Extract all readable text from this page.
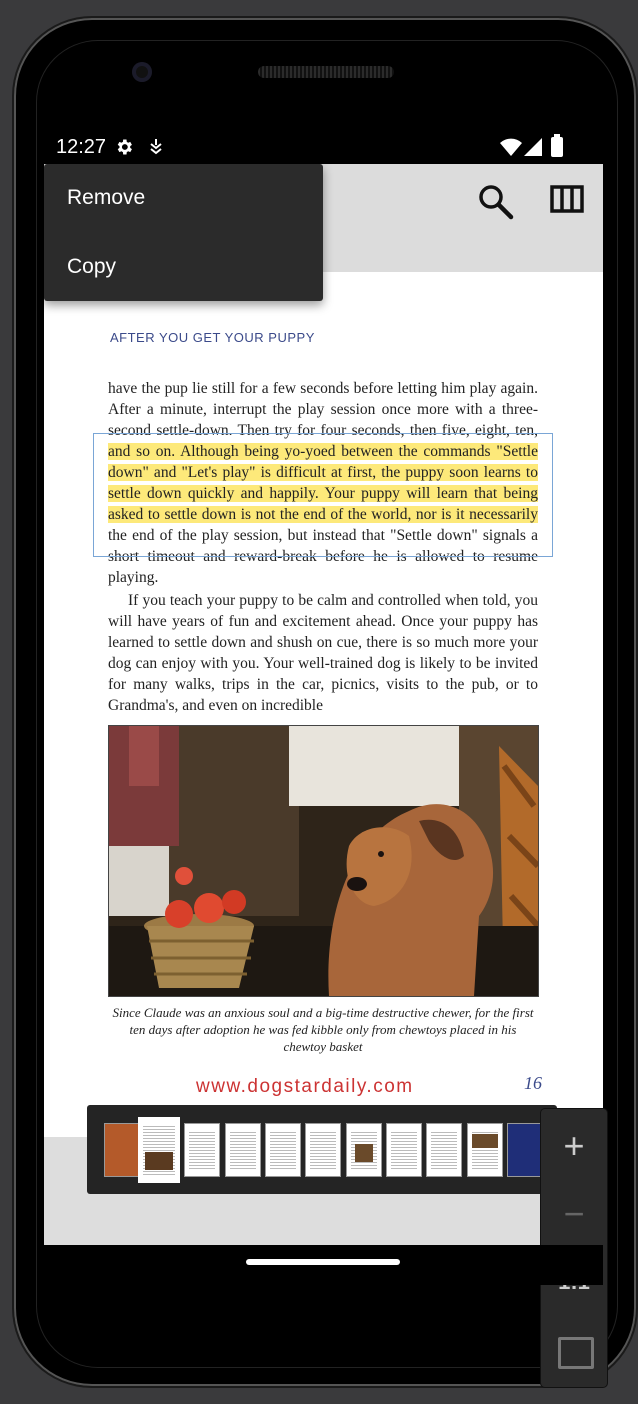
12:27
AFTER YOU GET YOUR PUPPY
have the pup lie still for a few seconds before letting him play again. After a minute, interrupt the play session once more with a three-second settle-down. Then try for four seconds, then five, eight, ten, and so on. Although being yo-yoed between the commands "Settle down" and "Let's play" is difficult at first, the puppy soon learns to settle down quickly and happily. Your puppy will learn that being asked to settle down is not the end of the world, nor is it necessarily the end of the play session, but instead that "Settle down" signals a short timeout and reward-break before he is allowed to resume playing.
If you teach your puppy to be calm and controlled when told, you will have years of fun and excitement ahead. Once your puppy has learned to settle down and shush on cue, there is so much more your dog can enjoy with you. Your well-trained dog is likely to be invited for many walks, trips in the car, picnics, visits to the pub, or to Grandma's, and even on incredible
Since Claude was an anxious soul and a big-time destructive chewer, for the first ten days after adoption he was fed kibble only from chewtoys placed in his chewtoy basket
www.dogstardaily.com	16
Remove
Copy
+
−
